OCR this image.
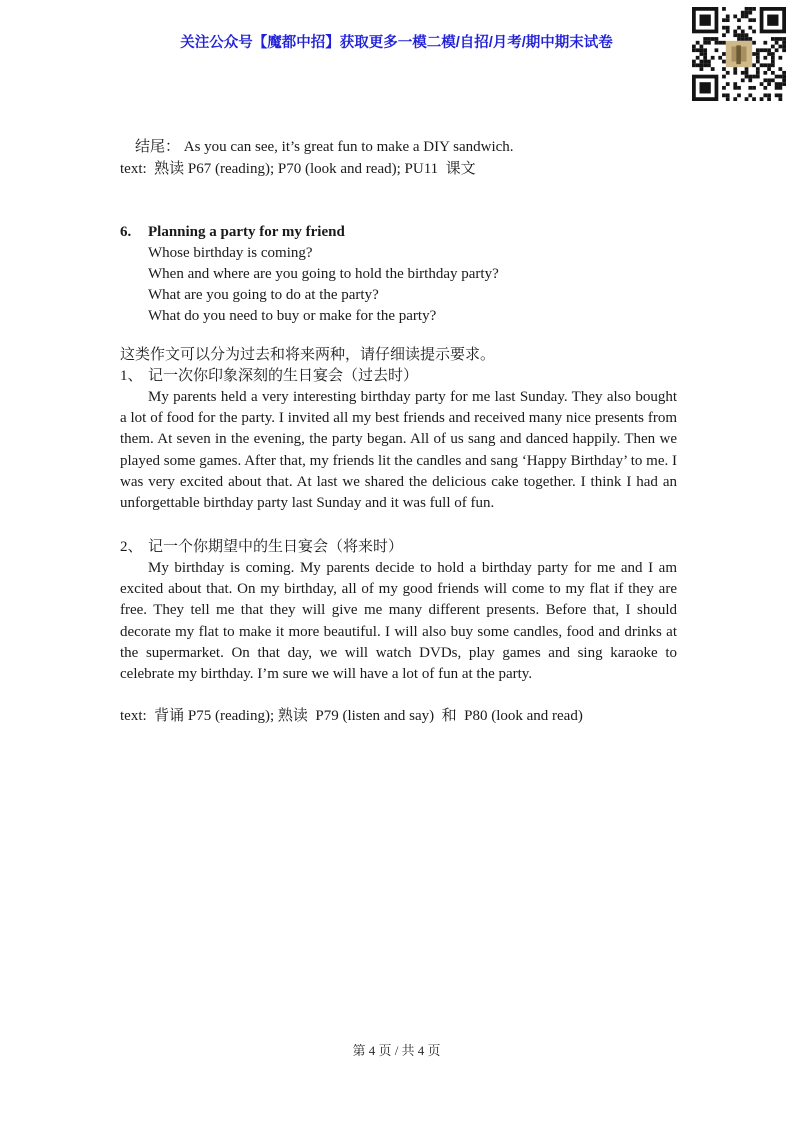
关注公众号【魔都中招】获取更多一模二模/自招/月考/期中期末试卷

结尾： As you can see, it’s great fun to make a DIY sandwich.

text:  熟读 P67 (reading); P70 (look and read); PU11  课文
6.	Planning a party for my friend
Whose birthday is coming?
When and where are you going to hold the birthday party?
What are you going to do at the party?
What do you need to buy or make for the party?
这类作文可以分为过去和将来两种，请仔细读提示要求。
1、 记一次你印象深刻的生日宴会（过去时）

My parents held a very interesting birthday party for me last Sunday. They also bought a lot of food for the party. I invited all my best friends and received many nice presents from them. At seven in the evening, the party began. All of us sang and danced happily. Then we played some games. After that, my friends lit the candles and sang ‘Happy Birthday’ to me. I was very excited about that. At last we shared the delicious cake together. I think I had an unforgettable birthday party last Sunday and it was full of fun.

2、 记一个你期望中的生日宴会（将来时）

My birthday is coming. My parents decide to hold a birthday party for me and I am excited about that. On my birthday, all of my good friends will come to my flat if they are free. They tell me that they will give me many different presents. Before that, I should decorate my flat to make it more beautiful. I will also buy some candles, food and drinks at the supermarket. On that day, we will watch DVDs, play games and sing karaoke to celebrate my birthday. I’m sure we will have a lot of fun at the party.

text:  背诵 P75 (reading); 熟读  P79 (listen and say)  和  P80 (look and read)
第 4 页 / 共 4 页
